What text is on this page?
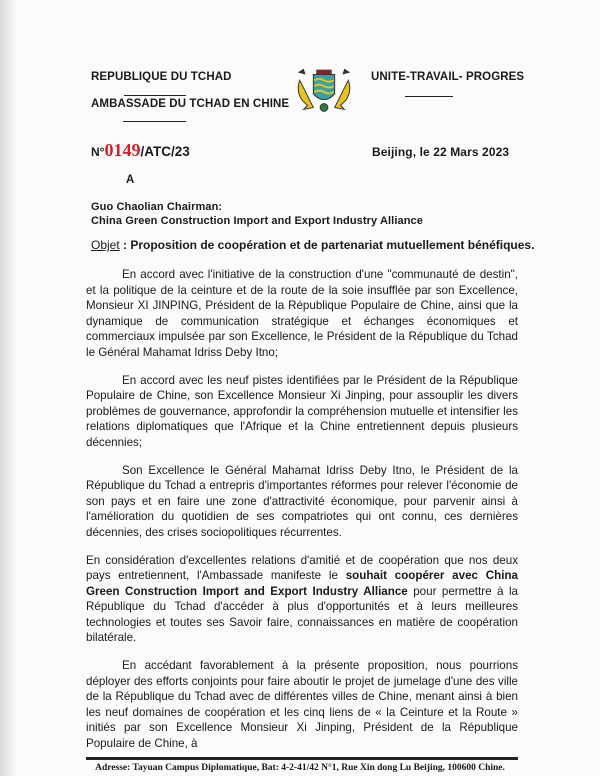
REPUBLIQUE DU TCHAD
AMBASSADE DU TCHAD EN CHINE
UNITE-TRAVAIL- PROGRES
N°0149/ATC/23	Beijing, le 22 Mars 2023
A
Guo Chaolian Chairman:
China Green Construction Import and Export Industry Alliance
Objet : Proposition de coopération et de partenariat mutuellement bénéfiques.

En accord avec l'initiative de la construction d'une "communauté de destin", et la politique de la ceinture et de la route de la soie insufflée par son Excellence, Monsieur XI JINPING, Président de la République Populaire de Chine, ainsi que la dynamique de communication stratégique et échanges économiques et commerciaux impulsée par son Excellence, le Président de la République du Tchad le Général Mahamat Idriss Deby Itno;

En accord avec les neuf pistes identifiées par le Président de la République Populaire de Chine, son Excellence Monsieur Xi Jinping, pour assouplir les divers problèmes de gouvernance, approfondir la compréhension mutuelle et intensifier les relations diplomatiques que l'Afrique et la Chine entretiennent depuis plusieurs décennies;

Son Excellence le Général Mahamat Idriss Deby Itno, le Président de la République du Tchad a entrepris d'importantes réformes pour relever l'économie de son pays et en faire une zone d'attractivité économique, pour parvenir ainsi à l'amélioration du quotidien de ses compatriotes qui ont connu, ces dernières décennies, des crises sociopolitiques récurrentes.

En considération d'excellentes relations d'amitié et de coopération que nos deux pays entretiennent, l'Ambassade manifeste le souhait coopérer avec China Green Construction Import and Export Industry Alliance pour permettre à la République du Tchad d'accéder à plus d'opportunités et à leurs meilleures technologies et toutes ses Savoir faire, connaissances en matière de coopération bilatérale.

En accédant favorablement à la présente proposition, nous pourrions déployer des efforts conjoints pour faire aboutir le projet de jumelage d'une des ville de la République du Tchad avec de différentes villes de Chine, menant ainsi à bien les neuf domaines de coopération et les cinq liens de « la Ceinture et la Route » initiés par son Excellence Monsieur Xi Jinping, Président de la République Populaire de Chine, à

Adresse: Tayuan Campus Diplomatique, Bat: 4-2-41/42 N°1, Rue Xin dong Lu Beijing, 100600 Chine.
